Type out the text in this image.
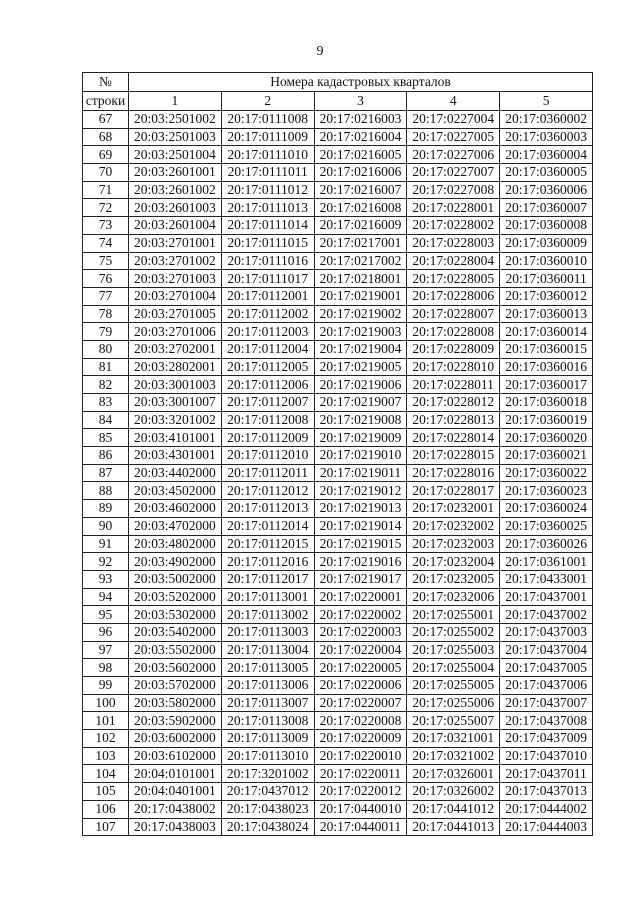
9
№	Номера кадастровых кварталов				
строки	1	2	3	4	5
67	20:03:2501002	20:17:0111008	20:17:0216003	20:17:0227004	20:17:0360002
68	20:03:2501003	20:17:0111009	20:17:0216004	20:17:0227005	20:17:0360003
69	20:03:2501004	20:17:0111010	20:17:0216005	20:17:0227006	20:17:0360004
70	20:03:2601001	20:17:0111011	20:17:0216006	20:17:0227007	20:17:0360005
71	20:03:2601002	20:17:0111012	20:17:0216007	20:17:0227008	20:17:0360006
72	20:03:2601003	20:17:0111013	20:17:0216008	20:17:0228001	20:17:0360007
73	20:03:2601004	20:17:0111014	20:17:0216009	20:17:0228002	20:17:0360008
74	20:03:2701001	20:17:0111015	20:17:0217001	20:17:0228003	20:17:0360009
75	20:03:2701002	20:17:0111016	20:17:0217002	20:17:0228004	20:17:0360010
76	20:03:2701003	20:17:0111017	20:17:0218001	20:17:0228005	20:17:0360011
77	20:03:2701004	20:17:0112001	20:17:0219001	20:17:0228006	20:17:0360012
78	20:03:2701005	20:17:0112002	20:17:0219002	20:17:0228007	20:17:0360013
79	20:03:2701006	20:17:0112003	20:17:0219003	20:17:0228008	20:17:0360014
80	20:03:2702001	20:17:0112004	20:17:0219004	20:17:0228009	20:17:0360015
81	20:03:2802001	20:17:0112005	20:17:0219005	20:17:0228010	20:17:0360016
82	20:03:3001003	20:17:0112006	20:17:0219006	20:17:0228011	20:17:0360017
83	20:03:3001007	20:17:0112007	20:17:0219007	20:17:0228012	20:17:0360018
84	20:03:3201002	20:17:0112008	20:17:0219008	20:17:0228013	20:17:0360019
85	20:03:4101001	20:17:0112009	20:17:0219009	20:17:0228014	20:17:0360020
86	20:03:4301001	20:17:0112010	20:17:0219010	20:17:0228015	20:17:0360021
87	20:03:4402000	20:17:0112011	20:17:0219011	20:17:0228016	20:17:0360022
88	20:03:4502000	20:17:0112012	20:17:0219012	20:17:0228017	20:17:0360023
89	20:03:4602000	20:17:0112013	20:17:0219013	20:17:0232001	20:17:0360024
90	20:03:4702000	20:17:0112014	20:17:0219014	20:17:0232002	20:17:0360025
91	20:03:4802000	20:17:0112015	20:17:0219015	20:17:0232003	20:17:0360026
92	20:03:4902000	20:17:0112016	20:17:0219016	20:17:0232004	20:17:0361001
93	20:03:5002000	20:17:0112017	20:17:0219017	20:17:0232005	20:17:0433001
94	20:03:5202000	20:17:0113001	20:17:0220001	20:17:0232006	20:17:0437001
95	20:03:5302000	20:17:0113002	20:17:0220002	20:17:0255001	20:17:0437002
96	20:03:5402000	20:17:0113003	20:17:0220003	20:17:0255002	20:17:0437003
97	20:03:5502000	20:17:0113004	20:17:0220004	20:17:0255003	20:17:0437004
98	20:03:5602000	20:17:0113005	20:17:0220005	20:17:0255004	20:17:0437005
99	20:03:5702000	20:17:0113006	20:17:0220006	20:17:0255005	20:17:0437006
100	20:03:5802000	20:17:0113007	20:17:0220007	20:17:0255006	20:17:0437007
101	20:03:5902000	20:17:0113008	20:17:0220008	20:17:0255007	20:17:0437008
102	20:03:6002000	20:17:0113009	20:17:0220009	20:17:0321001	20:17:0437009
103	20:03:6102000	20:17:0113010	20:17:0220010	20:17:0321002	20:17:0437010
104	20:04:0101001	20:17:3201002	20:17:0220011	20:17:0326001	20:17:0437011
105	20:04:0401001	20:17:0437012	20:17:0220012	20:17:0326002	20:17:0437013
106	20:17:0438002	20:17:0438023	20:17:0440010	20:17:0441012	20:17:0444002
107	20:17:0438003	20:17:0438024	20:17:0440011	20:17:0441013	20:17:0444003
